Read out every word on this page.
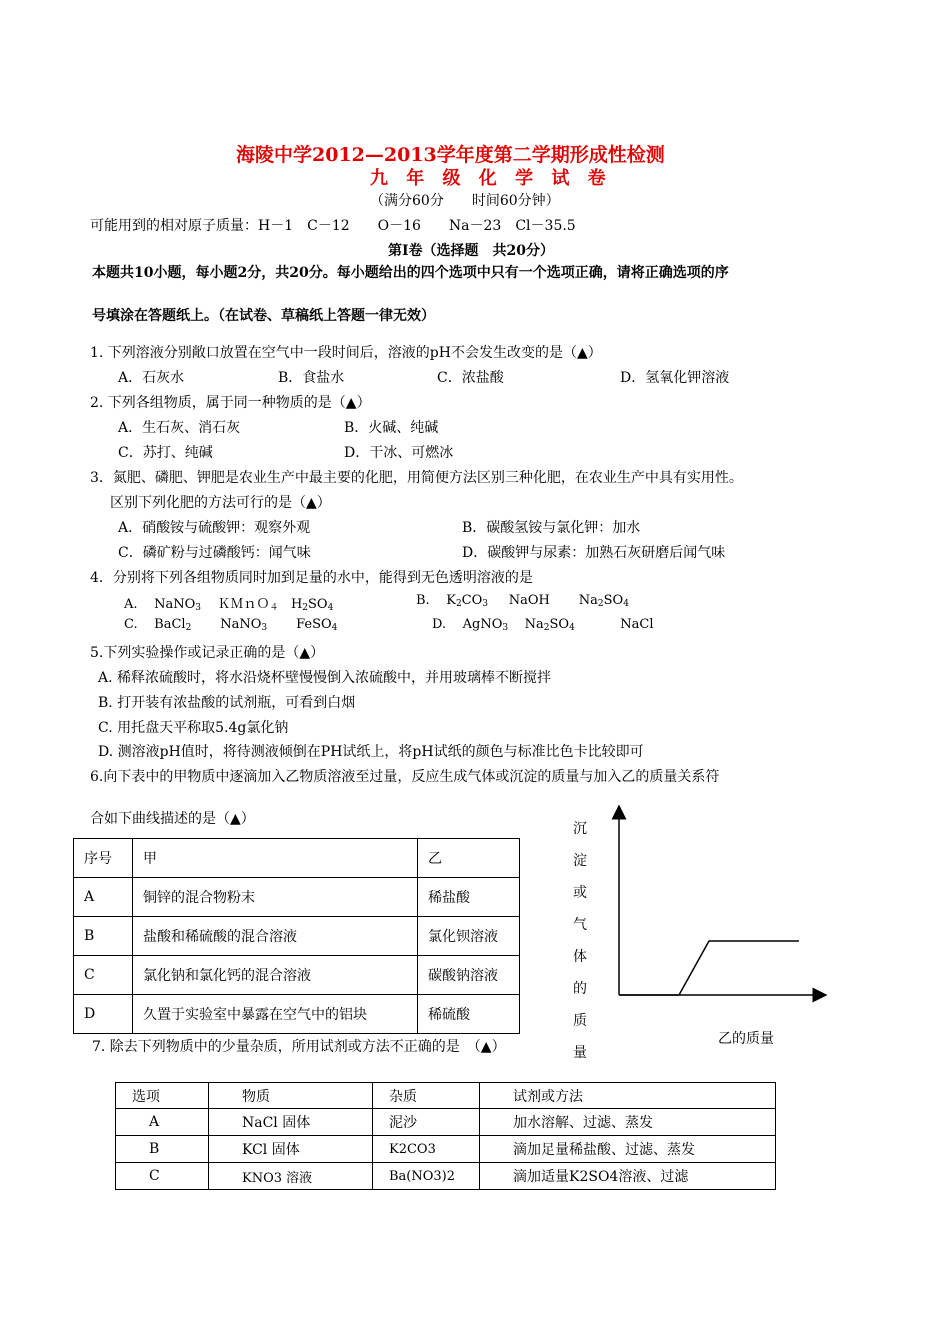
海陵中学2012—2013学年度第二学期形成性检测
九 年 级 化 学 试 卷
（满分60分　　时间60分钟）
可能用到的相对原子质量：H－1　C－12　　O－16　　Na－23　Cl－35.5
第Ⅰ卷（选择题　共20分）
本题共10小题，每小题2分，共20分。每小题给出的四个选项中只有一个选项正确，请将正确选项的序
号填涂在答题纸上。（在试卷、草稿纸上答题一律无效）
1. 下列溶液分别敞口放置在空气中一段时间后，溶液的pH不会发生改变的是（▲）
A．石灰水	B．食盐水	C．浓盐酸	D．氢氧化钾溶液
2. 下列各组物质，属于同一种物质的是（▲）
A．生石灰、消石灰	B．火碱、纯碱
C．苏打、纯碱	D．干冰、可燃冰
3．氮肥、磷肥、钾肥是农业生产中最主要的化肥，用简便方法区别三种化肥，在农业生产中具有实用性。
区别下列化肥的方法可行的是（▲）
A．硝酸铵与硫酸钾：观察外观	B．碳酸氢铵与氯化钾：加水
C．磷矿粉与过磷酸钙：闻气味	D．碳酸钾与尿素：加熟石灰研磨后闻气味
4．分别将下列各组物质同时加到足量的水中，能得到无色透明溶液的是
A. NaNO$_3$ ＫＭｎＯ$_4$ $H_2SO_4$	B. $K_2CO_3$ NaOH $Na_2SO_4$
C. BaCl$_2$ NaNO$_3$ FeSO$_4$	D. AgNO$_3$ $Na_2SO_4$	NaCl
5.下列实验操作或记录正确的是（▲）
A. 稀释浓硫酸时，将水沿烧杯壁慢慢倒入浓硫酸中，并用玻璃棒不断搅拌
B. 打开装有浓盐酸的试剂瓶，可看到白烟
C. 用托盘天平称取5.4g氯化钠
D. 测溶液pH值时，将待测液倾倒在PH试纸上，将pH试纸的颜色与标准比色卡比较即可
6.向下表中的甲物质中逐滴加入乙物质溶液至过量，反应生成气体或沉淀的质量与加入乙的质量关系符
合如下曲线描述的是（▲）
序号	甲	乙
A	铜锌的混合物粉末	稀盐酸
B	盐酸和稀硫酸的混合溶液	氯化钡溶液
C	氯化钠和氯化钙的混合溶液	碳酸钠溶液
D	久置于实验室中暴露在空气中的铝块	稀硫酸
沉
淀
或
气
体
的
质
量
乙的质量
7. 除去下列物质中的少量杂质，所用试剂或方法不正确的是　（▲）
选项	物质	杂质	试剂或方法
A	NaCl 固体	泥沙	加水溶解、过滤、蒸发
B	KCl 固体	K2CO3	滴加足量稀盐酸、过滤、蒸发
C	KNO3 溶液	Ba(NO3)2	滴加适量K2SO4溶液、过滤
